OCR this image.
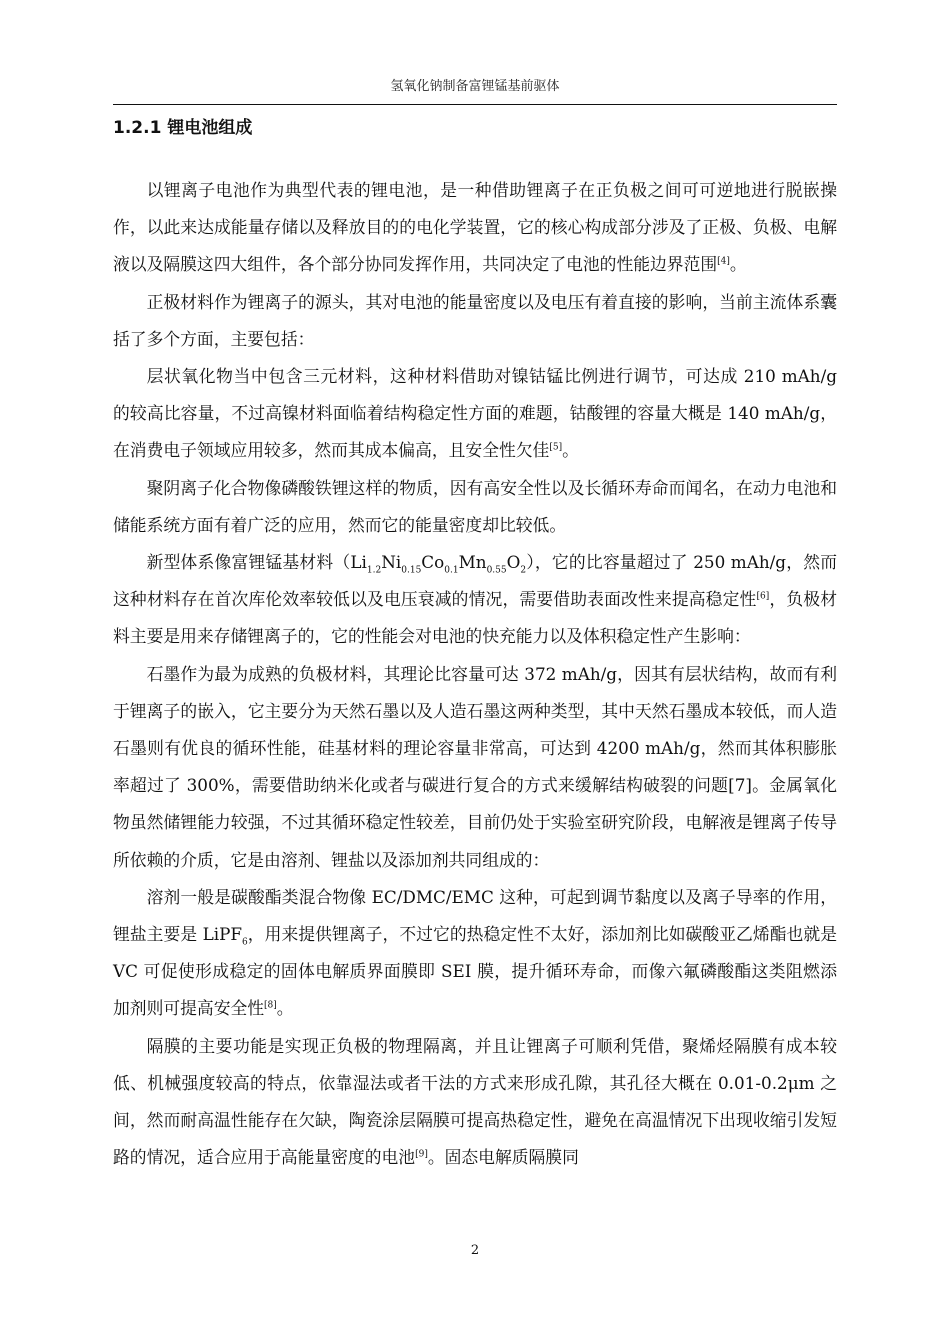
氢氧化钠制备富锂锰基前驱体
1.2.1 锂电池组成

以锂离子电池作为典型代表的锂电池，是一种借助锂离子在正负极之间可可逆地进行脱嵌操作，以此来达成能量存储以及释放目的的电化学装置，它的核心构成部分涉及了正极、负极、电解液以及隔膜这四大组件，各个部分协同发挥作用，共同决定了电池的性能边界范围[4]。

正极材料作为锂离子的源头，其对电池的能量密度以及电压有着直接的影响，当前主流体系囊括了多个方面，主要包括：

层状氧化物当中包含三元材料，这种材料借助对镍钴锰比例进行调节，可达成 210 mAh/g 的较高比容量，不过高镍材料面临着结构稳定性方面的难题，钴酸锂的容量大概是 140 mAh/g，在消费电子领域应用较多，然而其成本偏高，且安全性欠佳[5]。

聚阴离子化合物像磷酸铁锂这样的物质，因有高安全性以及长循环寿命而闻名，在动力电池和储能系统方面有着广泛的应用，然而它的能量密度却比较低。

新型体系像富锂锰基材料$(Li_{1.2}Ni_{0.15}Co_{0.1}Mn_{0.55}O_2)$，它的比容量超过了 250 mAh/g，然而这种材料存在首次库伦效率较低以及电压衰减的情况，需要借助表面改性来提高稳定性[6]，负极材料主要是用来存储锂离子的，它的性能会对电池的快充能力以及体积稳定性产生影响：

石墨作为最为成熟的负极材料，其理论比容量可达 372 mAh/g，因其有层状结构，故而有利于锂离子的嵌入，它主要分为天然石墨以及人造石墨这两种类型，其中天然石墨成本较低，而人造石墨则有优良的循环性能，硅基材料的理论容量非常高，可达到 4200 mAh/g，然而其体积膨胀率超过了 300%，需要借助纳米化或者与碳进行复合的方式来缓解结构破裂的问题[7]。金属氧化物虽然储锂能力较强，不过其循环稳定性较差，目前仍处于实验室研究阶段，电解液是锂离子传导所依赖的介质，它是由溶剂、锂盐以及添加剂共同组成的：

溶剂一般是碳酸酯类混合物像 EC/DMC/EMC 这种，可起到调节黏度以及离子导率的作用，锂盐主要是 LiPF$_6$，用来提供锂离子，不过它的热稳定性不太好，添加剂比如碳酸亚乙烯酯也就是 VC 可促使形成稳定的固体电解质界面膜即 SEI 膜，提升循环寿命，而像六氟磷酸酯这类阻燃添加剂则可提高安全性[8]。

隔膜的主要功能是实现正负极的物理隔离，并且让锂离子可顺利凭借，聚烯烃隔膜有成本较低、机械强度较高的特点，依靠湿法或者干法的方式来形成孔隙，其孔径大概在 0.01-0.2μm 之间，然而耐高温性能存在欠缺，陶瓷涂层隔膜可提高热稳定性，避免在高温情况下出现收缩引发短路的情况，适合应用于高能量密度的电池[9]。固态电解质隔膜同

2
